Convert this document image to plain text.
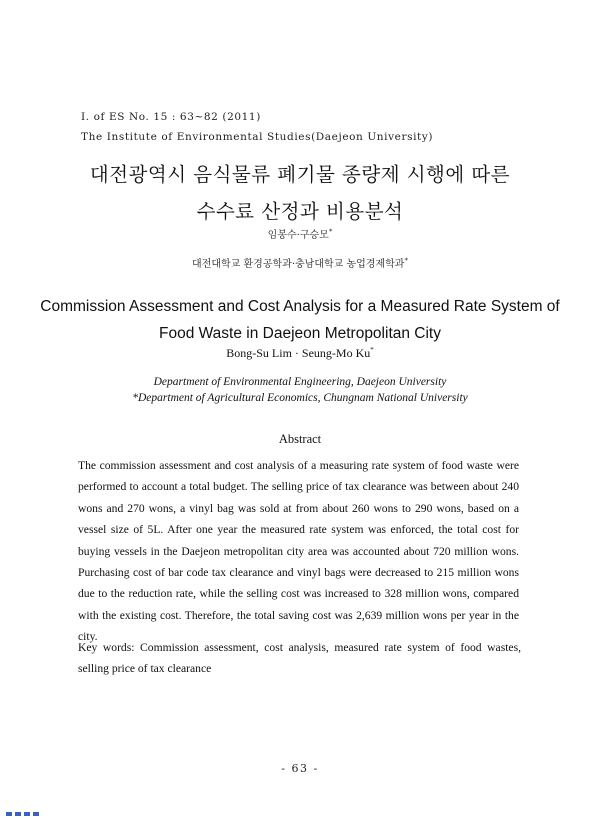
Ⅰ. of ES No. 15 : 63~82 (2011)
The Institute of Environmental Studies(Daejeon University)
대전광역시 음식물류 폐기물 종량제 시행에 따른
수수료 산정과 비용분석
임봉수·구승모*
대전대학교 환경공학과·충남대학교 농업경제학과*
Commission Assessment and Cost Analysis for a Measured Rate System of
Food Waste in Daejeon Metropolitan City
Bong-Su Lim · Seung-Mo Ku*
Department of Environmental Engineering, Daejeon University
*Department of Agricultural Economics, Chungnam National University
Abstract
The commission assessment and cost analysis of a measuring rate system of food waste were performed to account a total budget. The selling price of tax clearance was between about 240 wons and 270 wons, a vinyl bag was sold at from about 260 wons to 290 wons, based on a vessel size of 5L. After one year the measured rate system was enforced, the total cost for buying vessels in the Daejeon metropolitan city area was accounted about 720 million wons. Purchasing cost of bar code tax clearance and vinyl bags were decreased to 215 million wons due to the reduction rate, while the selling cost was increased to 328 million wons, compared with the existing cost. Therefore, the total saving cost was 2,639 million wons per year in the city.
Key words: Commission assessment, cost analysis, measured rate system of food wastes, selling price of tax clearance
- 63 -
